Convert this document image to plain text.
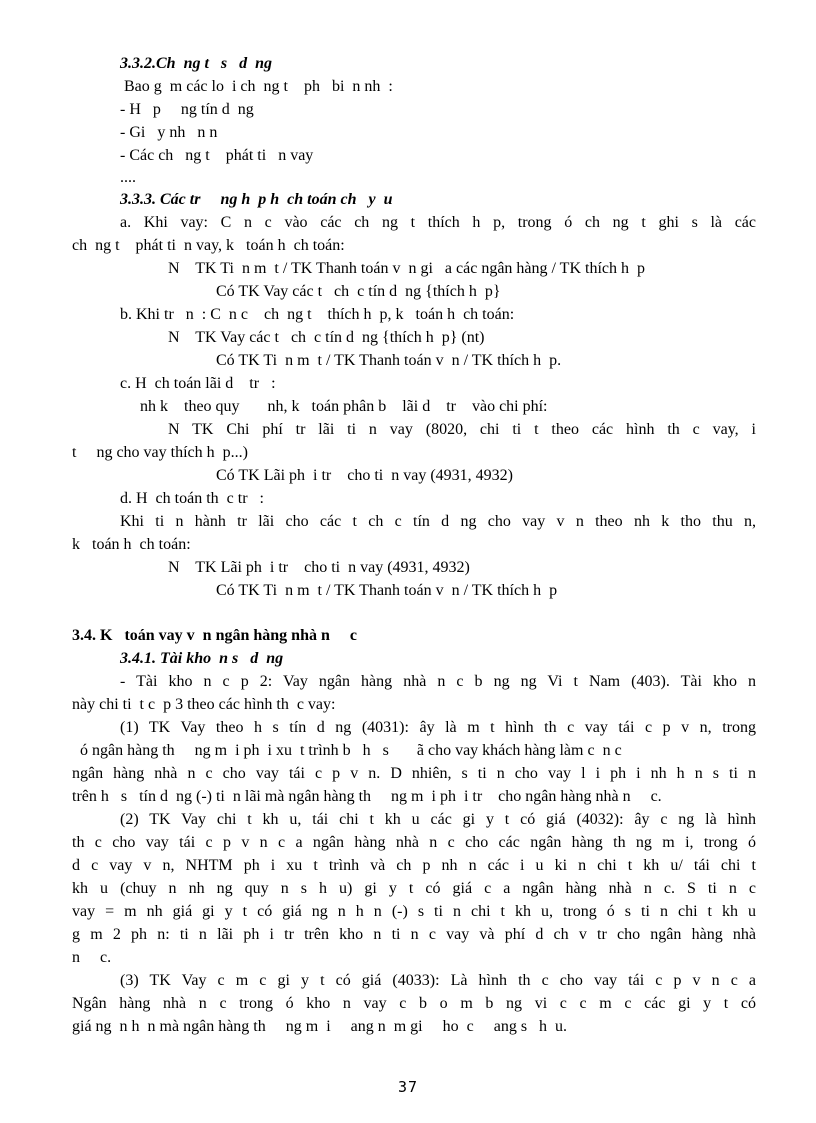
3.3.2.Ch  ng t   s   d  ng
Bao g  m các lo  i ch  ng t    ph   bi  n nh  :
- H   p     ng tín d  ng
- Gi   y nh   n n
- Các ch   ng t    phát ti   n vay
....
3.3.3. Các tr     ng h  p h  ch toán ch   y  u
a. Khi vay: C n c vào các ch ng t thích h p, trong ó ch ng t ghi s là các
ch  ng t    phát ti  n vay, k   toán h  ch toán:
N    TK Ti  n m  t / TK Thanh toán v  n gi   a các ngân hàng / TK thích h  p
Có TK Vay các t   ch  c tín d  ng {thích h  p}
b. Khi tr   n  : C  n c    ch  ng t    thích h  p, k   toán h  ch toán:
N    TK Vay các t   ch  c tín d  ng {thích h  p} (nt)
Có TK Ti  n m  t / TK Thanh toán v  n / TK thích h  p.
c. H  ch toán lãi d    tr   :
nh k    theo quy       nh, k   toán phân b    lãi d    tr    vào chi phí:
N TK Chi phí tr lãi ti n vay (8020, chi ti t theo các hình th c vay, i
t     ng cho vay thích h  p...)
Có TK Lãi ph  i tr    cho ti  n vay (4931, 4932)
d. H  ch toán th  c tr   :
Khi ti n hành tr lãi cho các t ch c tín d ng cho vay v n theo nh k tho thu n,
k   toán h  ch toán:
N    TK Lãi ph  i tr    cho ti  n vay (4931, 4932)
Có TK Ti  n m  t / TK Thanh toán v  n / TK thích h  p
3.4. K   toán vay v  n ngân hàng nhà n     c
3.4.1. Tài kho  n s   d  ng
- Tài kho n c p 2: Vay ngân hàng nhà n c b ng ng Vi t Nam (403). Tài kho n
này chi ti  t c  p 3 theo các hình th  c vay:
(1) TK Vay theo h s tín d ng (4031): ây là m t hình th c vay tái c p v n, trong
ó ngân hàng th     ng m  i ph  i xu  t trình b   h   s       ã cho vay khách hàng làm c  n c
ngân hàng nhà n c cho vay tái c p v n. D nhiên, s ti n cho vay l i ph i nh h n s ti n
trên h   s   tín d  ng (-) ti  n lãi mà ngân hàng th     ng m  i ph  i tr    cho ngân hàng nhà n     c.
(2) TK Vay chi t kh u, tái chi t kh u các gi y t có giá (4032): ây c ng là hình
th c cho vay tái c p v n c a ngân hàng nhà n c cho các ngân hàng th ng m i, trong ó
d c vay v n, NHTM ph i xu t trình và ch p nh n các i u ki n chi t kh u/ tái chi t
kh u (chuy n nh ng quy n s h u) gi y t có giá c a ngân hàng nhà n c. S ti n c
vay = m nh giá gi y t có giá ng n h n (-) s ti n chi t kh u, trong ó s ti n chi t kh u
g m 2 ph n: ti n lãi ph i tr trên kho n ti n c vay và phí d ch v tr cho ngân hàng nhà
n     c.
(3) TK Vay c m c gi y t có giá (4033): Là hình th c cho vay tái c p v n c a
Ngân hàng nhà n c trong ó kho n vay c b o m b ng vi c c m c các gi y t có
giá ng  n h  n mà ngân hàng th     ng m  i     ang n  m gi     ho  c     ang s   h  u.
37
